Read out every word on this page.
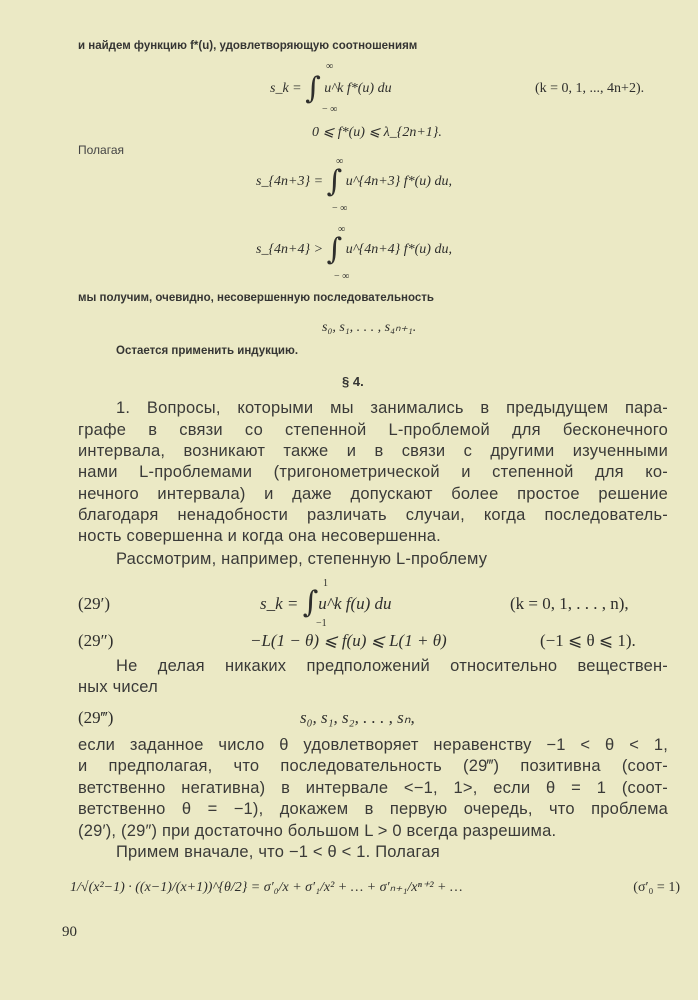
и найдем функцию f*(u), удовлетворяющую соотношениям
∞
s_k = ∫ u^k f*(u) du
− ∞
(k = 0, 1, ..., 4n+2).
0 ⩽ f*(u) ⩽ λ_{2n+1}.
Полагая
∞
s_{4n+3} = ∫ u^{4n+3} f*(u) du,
− ∞
∞
s_{4n+4} > ∫ u^{4n+4} f*(u) du,
− ∞
мы получим, очевидно, несовершенную последовательность
s₀, s₁, . . . , s₄ₙ₊₁.
Остается применить индукцию.
§ 4.
1. Вопросы, которыми мы занимались в предыдущем пара-
графе в связи со степенной L-проблемой для бесконечного
интервала, возникают также и в связи с другими изученными
нами L-проблемами (тригонометрической и степенной для ко-
нечного интервала) и даже допускают более простое решение
благодаря ненадобности различать случаи, когда последователь-
ность совершенна и когда она несовершенна.
Рассмотрим, например, степенную L-проблему
(29′)
1
s_k = ∫u^k f(u) du
−1
(k = 0, 1, . . . , n),
(29″)	−L(1 − θ) ⩽ f(u) ⩽ L(1 + θ)	(−1 ⩽ θ ⩽ 1).
Не делая никаких предположений относительно веществен-
ных чисел
(29‴)	s₀, s₁, s₂, . . . , sₙ,
если заданное число θ удовлетворяет неравенству −1 < θ < 1,
и предполагая, что последовательность (29‴) позитивна (соот-
ветственно негативна) в интервале <−1, 1>, если θ = 1 (соот-
ветственно θ = −1), докажем в первую очередь, что проблема
(29′), (29″) при достаточно большом L > 0 всегда разрешима.
Примем вначале, что −1 < θ < 1. Полагая
1/√(x²−1) · ((x−1)/(x+1))^{θ/2} = σ′₀/x + σ′₁/x² + … + σ′ₙ₊₁/xⁿ⁺² + …	(σ′₀ = 1)
90
